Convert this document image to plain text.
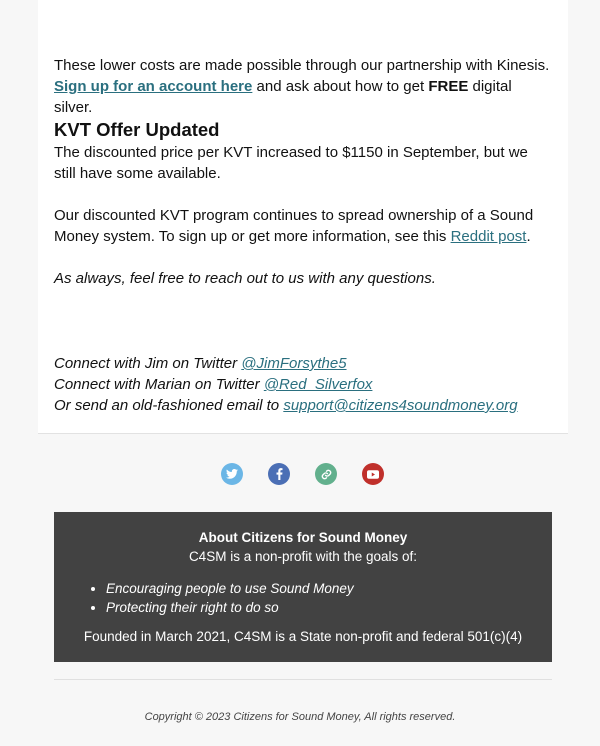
These lower costs are made possible through our partnership with Kinesis.

Sign up for an account here and ask about how to get FREE digital silver.

KVT Offer Updated

The discounted price per KVT increased to $1150 in September, but we still have some available.

Our discounted KVT program continues to spread ownership of a Sound Money system. To sign up or get more information, see this Reddit post.

As always, feel free to reach out to us with any questions.

Connect with Jim on Twitter @JimForsythe5

Connect with Marian on Twitter @Red_Silverfox

Or send an old-fashioned email to support@citizens4soundmoney.org

About Citizens for Sound Money
C4SM is a non-profit with the goals of:
• Encouraging people to use Sound Money
• Protecting their right to do so
Founded in March 2021, C4SM is a State non-profit and federal 501(c)(4)
Copyright © 2023 Citizens for Sound Money, All rights reserved.
